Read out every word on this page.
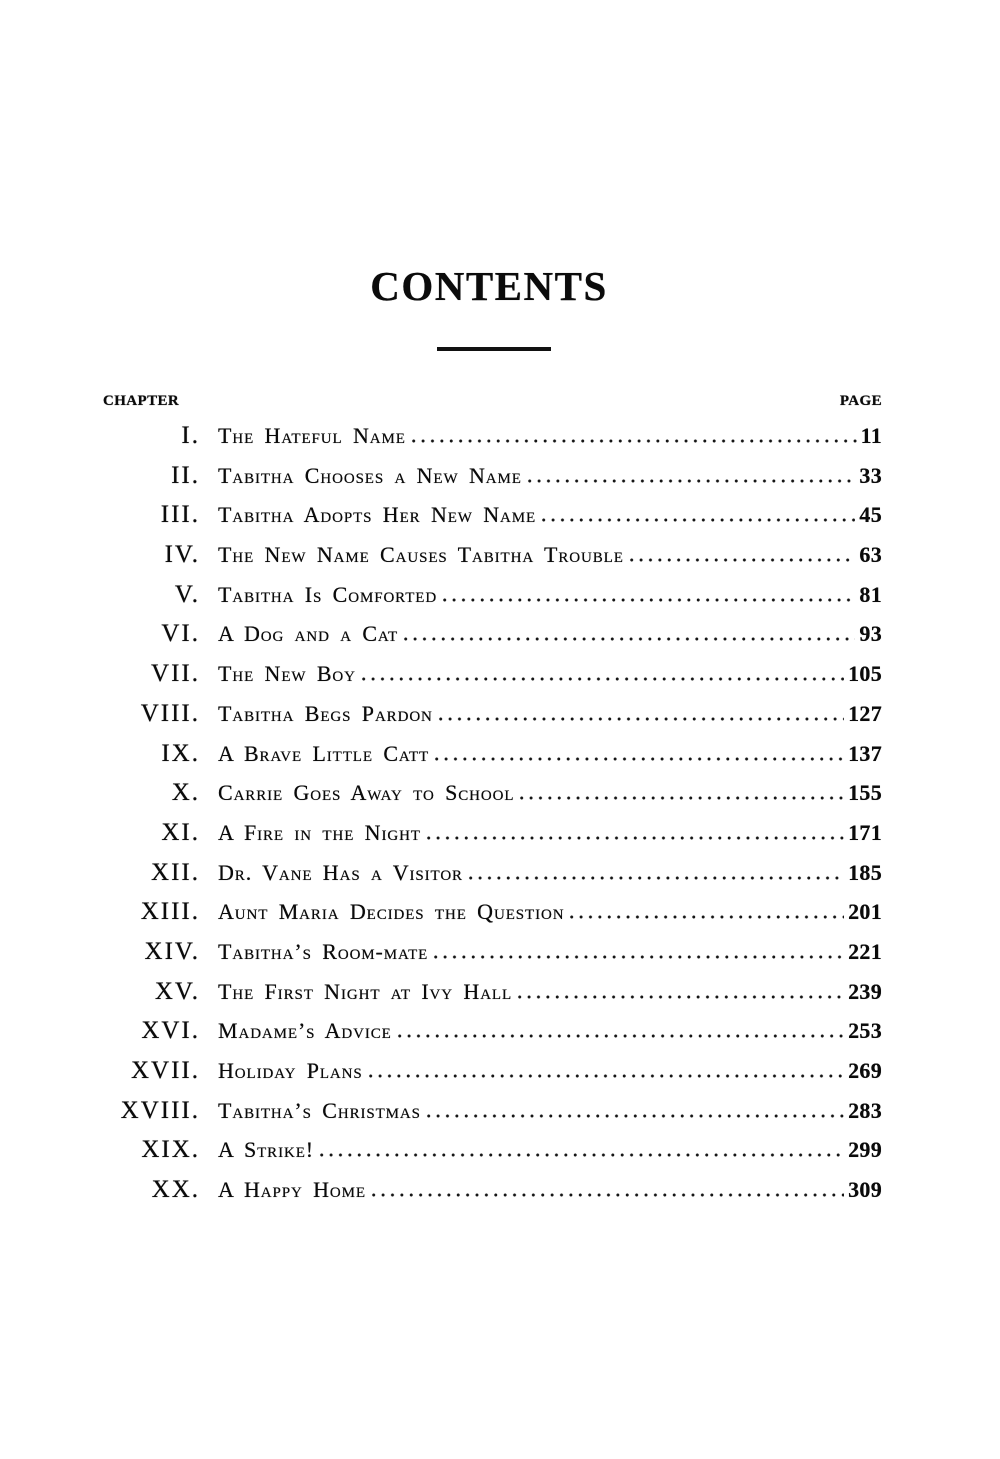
CONTENTS
CHAPTER	PAGE
I. The Hateful Name	11
II. Tabitha Chooses a New Name	33
III. Tabitha Adopts Her New Name	45
IV. The New Name Causes Tabitha Trouble	63
V. Tabitha Is Comforted	81
VI. A Dog and a Cat	93
VII. The New Boy	105
VIII. Tabitha Begs Pardon	127
IX. A Brave Little Catt	137
X. Carrie Goes Away to School	155
XI. A Fire in the Night	171
XII. Dr. Vane Has a Visitor	185
XIII. Aunt Maria Decides the Question	201
XIV. Tabitha’s Room-mate	221
XV. The First Night at Ivy Hall	239
XVI. Madame’s Advice	253
XVII. Holiday Plans	269
XVIII. Tabitha’s Christmas	283
XIX. A Strike!	299
XX. A Happy Home	309
